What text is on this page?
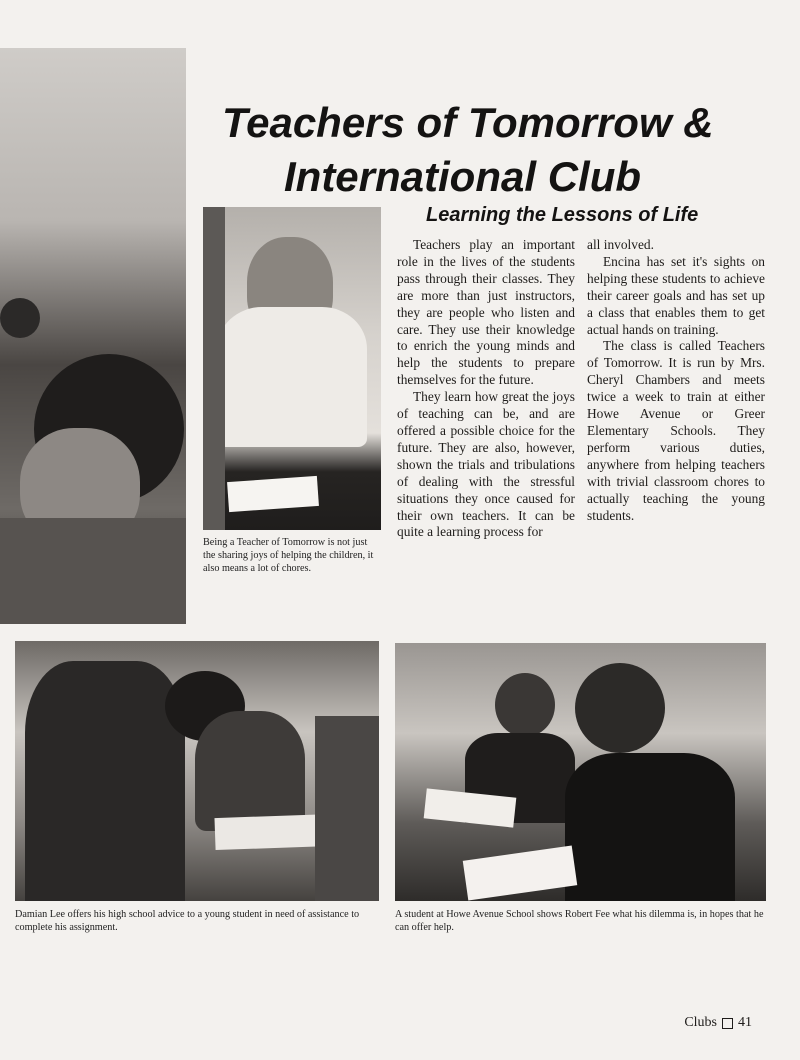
Teachers of Tomorrow &
International Club
Learning the Lessons of Life
Being a Teacher of Tomorrow is not just the sharing joys of helping the children, it also means a lot of chores.

Teachers play an important role in the lives of the students pass through their classes. They are more than just instructors, they are people who listen and care. They use their knowledge to enrich the young minds and help the students to prepare themselves for the future.

They learn how great the joys of teaching can be, and are offered a possible choice for the future. They are also, however, shown the trials and tribulations of dealing with the stressful situations they once caused for their own teachers. It can be quite a learning process for

all involved.

Encina has set it's sights on helping these students to achieve their career goals and has set up a class that enables them to get actual hands on training.

The class is called Teachers of Tomorrow. It is run by Mrs. Cheryl Chambers and meets twice a week to train at either Howe Avenue or Greer Elementary Schools. They perform various duties, anywhere from helping teachers with trivial classroom chores to actually teaching the young students.

Damian Lee offers his high school advice to a young student in need of assistance to complete his assignment.
A student at Howe Avenue School shows Robert Fee what his dilemma is, in hopes that he can offer help.
Clubs 41
